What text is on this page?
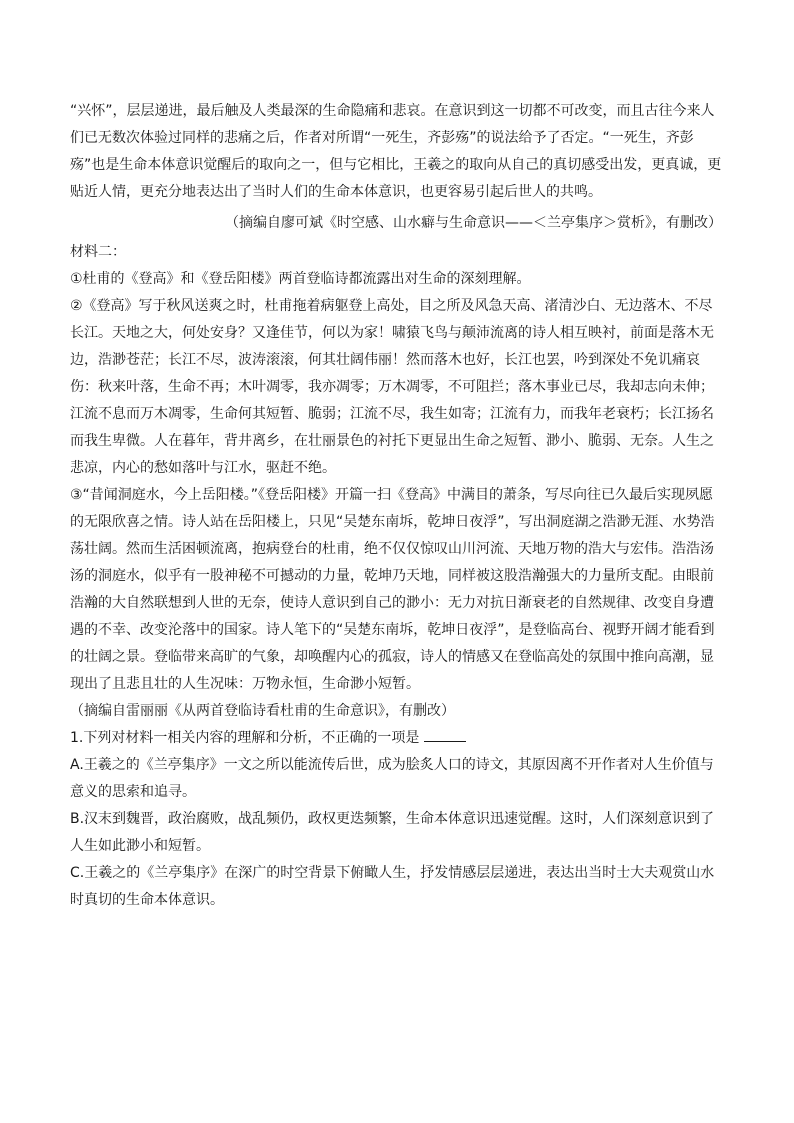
“兴怀”，层层递进，最后触及人类最深的生命隐痛和悲哀。在意识到这一切都不可改变，而且古往今来人们已无数次体验过同样的悲痛之后，作者对所谓“一死生，齐彭殇”的说法给予了否定。“一死生，齐彭殇”也是生命本体意识觉醒后的取向之一，但与它相比，王羲之的取向从自己的真切感受出发，更真诚，更贴近人情，更充分地表达出了当时人们的生命本体意识，也更容易引起后世人的共鸣。

（摘编自廖可斌《时空感、山水癖与生命意识——＜兰亭集序＞赏析》，有删改）

材料二：

①杜甫的《登高》和《登岳阳楼》两首登临诗都流露出对生命的深刻理解。

②《登高》写于秋风送爽之时，杜甫拖着病躯登上高处，目之所及风急天高、渚清沙白、无边落木、不尽长江。天地之大，何处安身？又逢佳节，何以为家！啸猿飞鸟与颠沛流离的诗人相互映衬，前面是落木无边，浩渺苍茫；长江不尽，波涛滚滚，何其壮阔伟丽！然而落木也好，长江也罢，吟到深处不免讥痛哀伤：秋来叶落，生命不再；木叶凋零，我亦凋零；万木凋零，不可阻拦；落木事业已尽，我却志向未伸；江流不息而万木凋零，生命何其短暂、脆弱；江流不尽，我生如寄；江流有力，而我年老衰朽；长江扬名而我生卑微。人在暮年，背井离乡，在壮丽景色的衬托下更显出生命之短暂、渺小、脆弱、无奈。人生之悲凉，内心的愁如落叶与江水，驱赶不绝。

③“昔闻洞庭水，今上岳阳楼。”《登岳阳楼》开篇一扫《登高》中满目的萧条，写尽向往已久最后实现夙愿的无限欣喜之情。诗人站在岳阳楼上，只见“吴楚东南坼，乾坤日夜浮”，写出洞庭湖之浩渺无涯、水势浩荡壮阔。然而生活困顿流离，抱病登台的杜甫，绝不仅仅惊叹山川河流、天地万物的浩大与宏伟。浩浩汤汤的洞庭水，似乎有一股神秘不可撼动的力量，乾坤乃天地，同样被这股浩瀚强大的力量所支配。由眼前浩瀚的大自然联想到人世的无奈，使诗人意识到自己的渺小：无力对抗日渐衰老的自然规律、改变自身遭遇的不幸、改变沦落中的国家。诗人笔下的“吴楚东南坼，乾坤日夜浮”，是登临高台、视野开阔才能看到的壮阔之景。登临带来高旷的气象，却唤醒内心的孤寂，诗人的情感又在登临高处的氛围中推向高潮，显现出了且悲且壮的人生况味：万物永恒，生命渺小短暂。

（摘编自雷丽丽《从两首登临诗看杜甫的生命意识》，有删改）

1.下列对材料一相关内容的理解和分析，不正确的一项是

A.王羲之的《兰亭集序》一文之所以能流传后世，成为脍炙人口的诗文，其原因离不开作者对人生价值与意义的思索和追寻。

B.汉末到魏晋，政治腐败，战乱频仍，政权更迭频繁，生命本体意识迅速觉醒。这时，人们深刻意识到了人生如此渺小和短暂。

C.王羲之的《兰亭集序》在深广的时空背景下俯瞰人生，抒发情感层层递进，表达出当时士大夫观赏山水时真切的生命本体意识。
